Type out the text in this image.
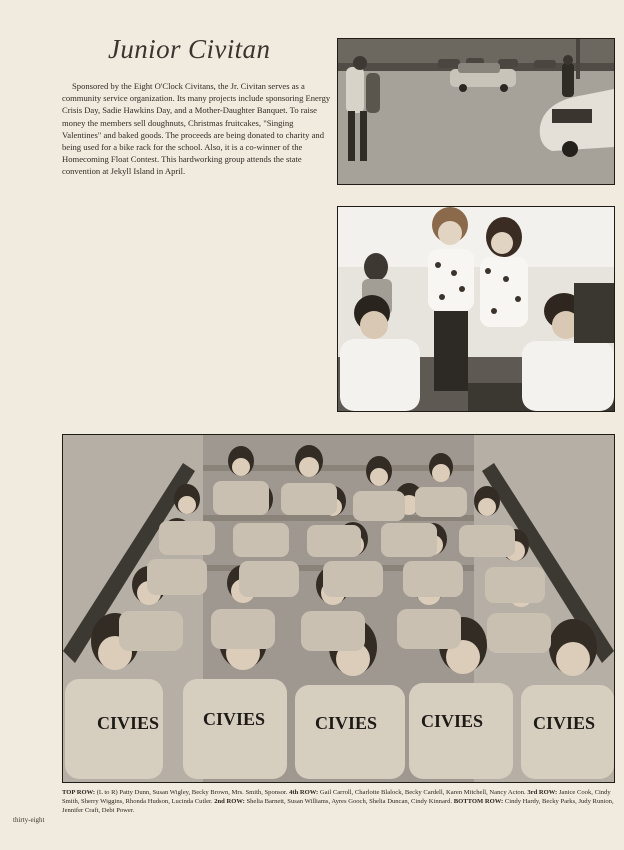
Junior Civitan
Sponsored by the Eight O'Clock Civitans, the Jr. Civitan serves as a community service organization. Its many projects include sponsoring Energy Crisis Day, Sadie Hawkins Day, and a Mother-Daughter Banquet. To raise money the members sell doughnuts, Christmas fruitcakes, "Singing Valentines" and baked goods. The proceeds are being donated to charity and being used for a bike rack for the school. Also, it is a co-winner of the Homecoming Float Contest. This hardworking group attends the state convention at Jekyll Island in April.
CIVIES CIVIES	CIVIES CIVIES	CIVIES
TOP ROW: (L to R) Patty Dunn, Susan Wigley, Becky Brown, Mrs. Smith, Sponsor. 4th ROW: Gail Carroll, Charlotte Blalock, Becky Cardell, Karen Mitchell, Nancy Acton. 3rd ROW: Janice Cook, Cindy Smith, Sherry Wiggins, Rhonda Hudson, Lucinda Cutler. 2nd ROW: Shelia Barnett, Susan Williams, Ayres Gooch, Shelia Duncan, Cindy Kinnard. BOTTOM ROW: Cindy Hardy, Becky Parks, Judy Runion, Jennifer Craft, Debi Power.
thirty-eight
